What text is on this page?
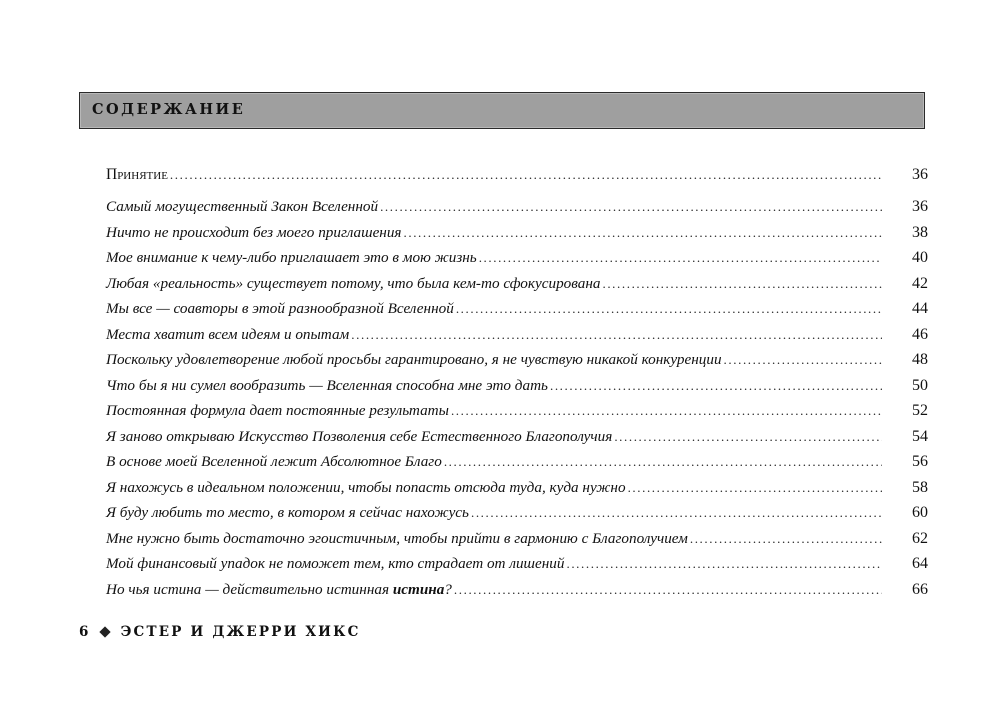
СОДЕРЖАНИЕ
Принятие .....	36
Самый могущественный Закон Вселенной .....	36
Ничто не происходит без моего приглашения .....	38
Мое внимание к чему-либо приглашает это в мою жизнь .....	40
Любая «реальность» существует потому, что была кем-то сфокусирована .....	42
Мы все — соавторы в этой разнообразной Вселенной .....	44
Места хватит всем идеям и опытам .....	46
Поскольку удовлетворение любой просьбы гарантировано, я не чувствую никакой конкуренции .....	48
Что бы я ни сумел вообразить — Вселенная способна мне это дать .....	50
Постоянная формула дает постоянные результаты .....	52
Я заново открываю Искусство Позволения себе Естественного Благополучия .....	54
В основе моей Вселенной лежит Абсолютное Благо .....	56
Я нахожусь в идеальном положении, чтобы попасть отсюда туда, куда нужно .....	58
Я буду любить то место, в котором я сейчас нахожусь .....	60
Мне нужно быть достаточно эгоистичным, чтобы прийти в гармонию с Благополучием .....	62
Мой финансовый упадок не поможет тем, кто страдает от лишений .....	64
Но чья истина — действительно истинная истина? .....	66
6 ЭСТЕР И ДЖЕРРИ ХИКС
